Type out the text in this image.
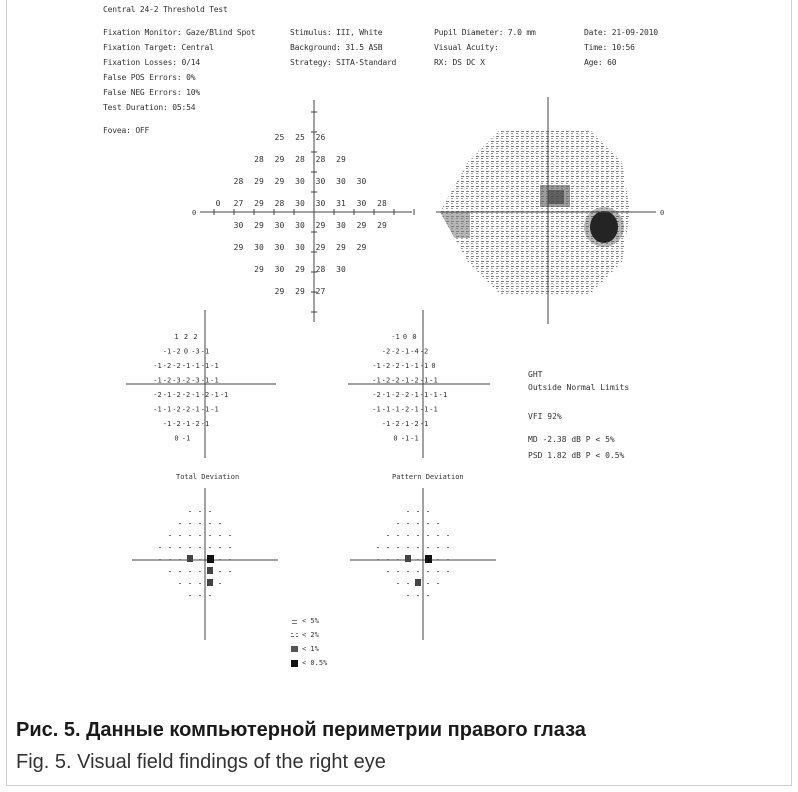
Central 24-2 Threshold Test
Fixation Monitor: Gaze/Blind Spot
Fixation Target: Central
Fixation Losses: 0/14
False POS Errors: 0%
False NEG Errors: 10%
Test Duration: 05:54
Fovea: OFF
Stimulus: III, White
Background: 31.5 ASB
Strategy: SITA-Standard
Pupil Diameter: 7.0 mm
Visual Acuity:
RX: DS DC X
Date: 21-09-2010
Time: 10:56
Age: 60
0
25 25 26
28 29 28 28 29
28 29 29 30 30 30 30
0 27 29 28 30 30 31 30 28
30 29 30 30 29 30 29 29
29 30 30 30 29 29 29
29 30 29 28 30
29 29 27
0
1 2 2
-1 -2 0 -3 -1
-1 -2 -2 -1 -1 -1 -1
-1 -2 -3 -2 -3 -1 -1
-2 -1 -2 -2 -1 -2 -1 -1
-1 -1 -2 -2 -1 -1 -1
-1 -2 -1 -2 -1
0 -1
-1 0 0
-2 -2 -1 -4 -2
-1 -2 -2 -1 -1 -1 0
-1 -2 -2 -1 -2 -1 -1
-2 -1 -2 -2 -1 -1 -1 -1
-1 -1 -1 -2 -1 -1 -1
-1 -2 -1 -2 -1
0 -1 -1
Total Deviation	Pattern Deviation
GHT
Outside Normal Limits
VFI 92%
MD -2.38 dB P < 5%
PSD 1.82 dB P < 0.5%
< 5%
< 2%
< 1%
< 0.5%
Рис. 5. Данные компьютерной периметрии правого глаза
Fig. 5. Visual field findings of the right eye
